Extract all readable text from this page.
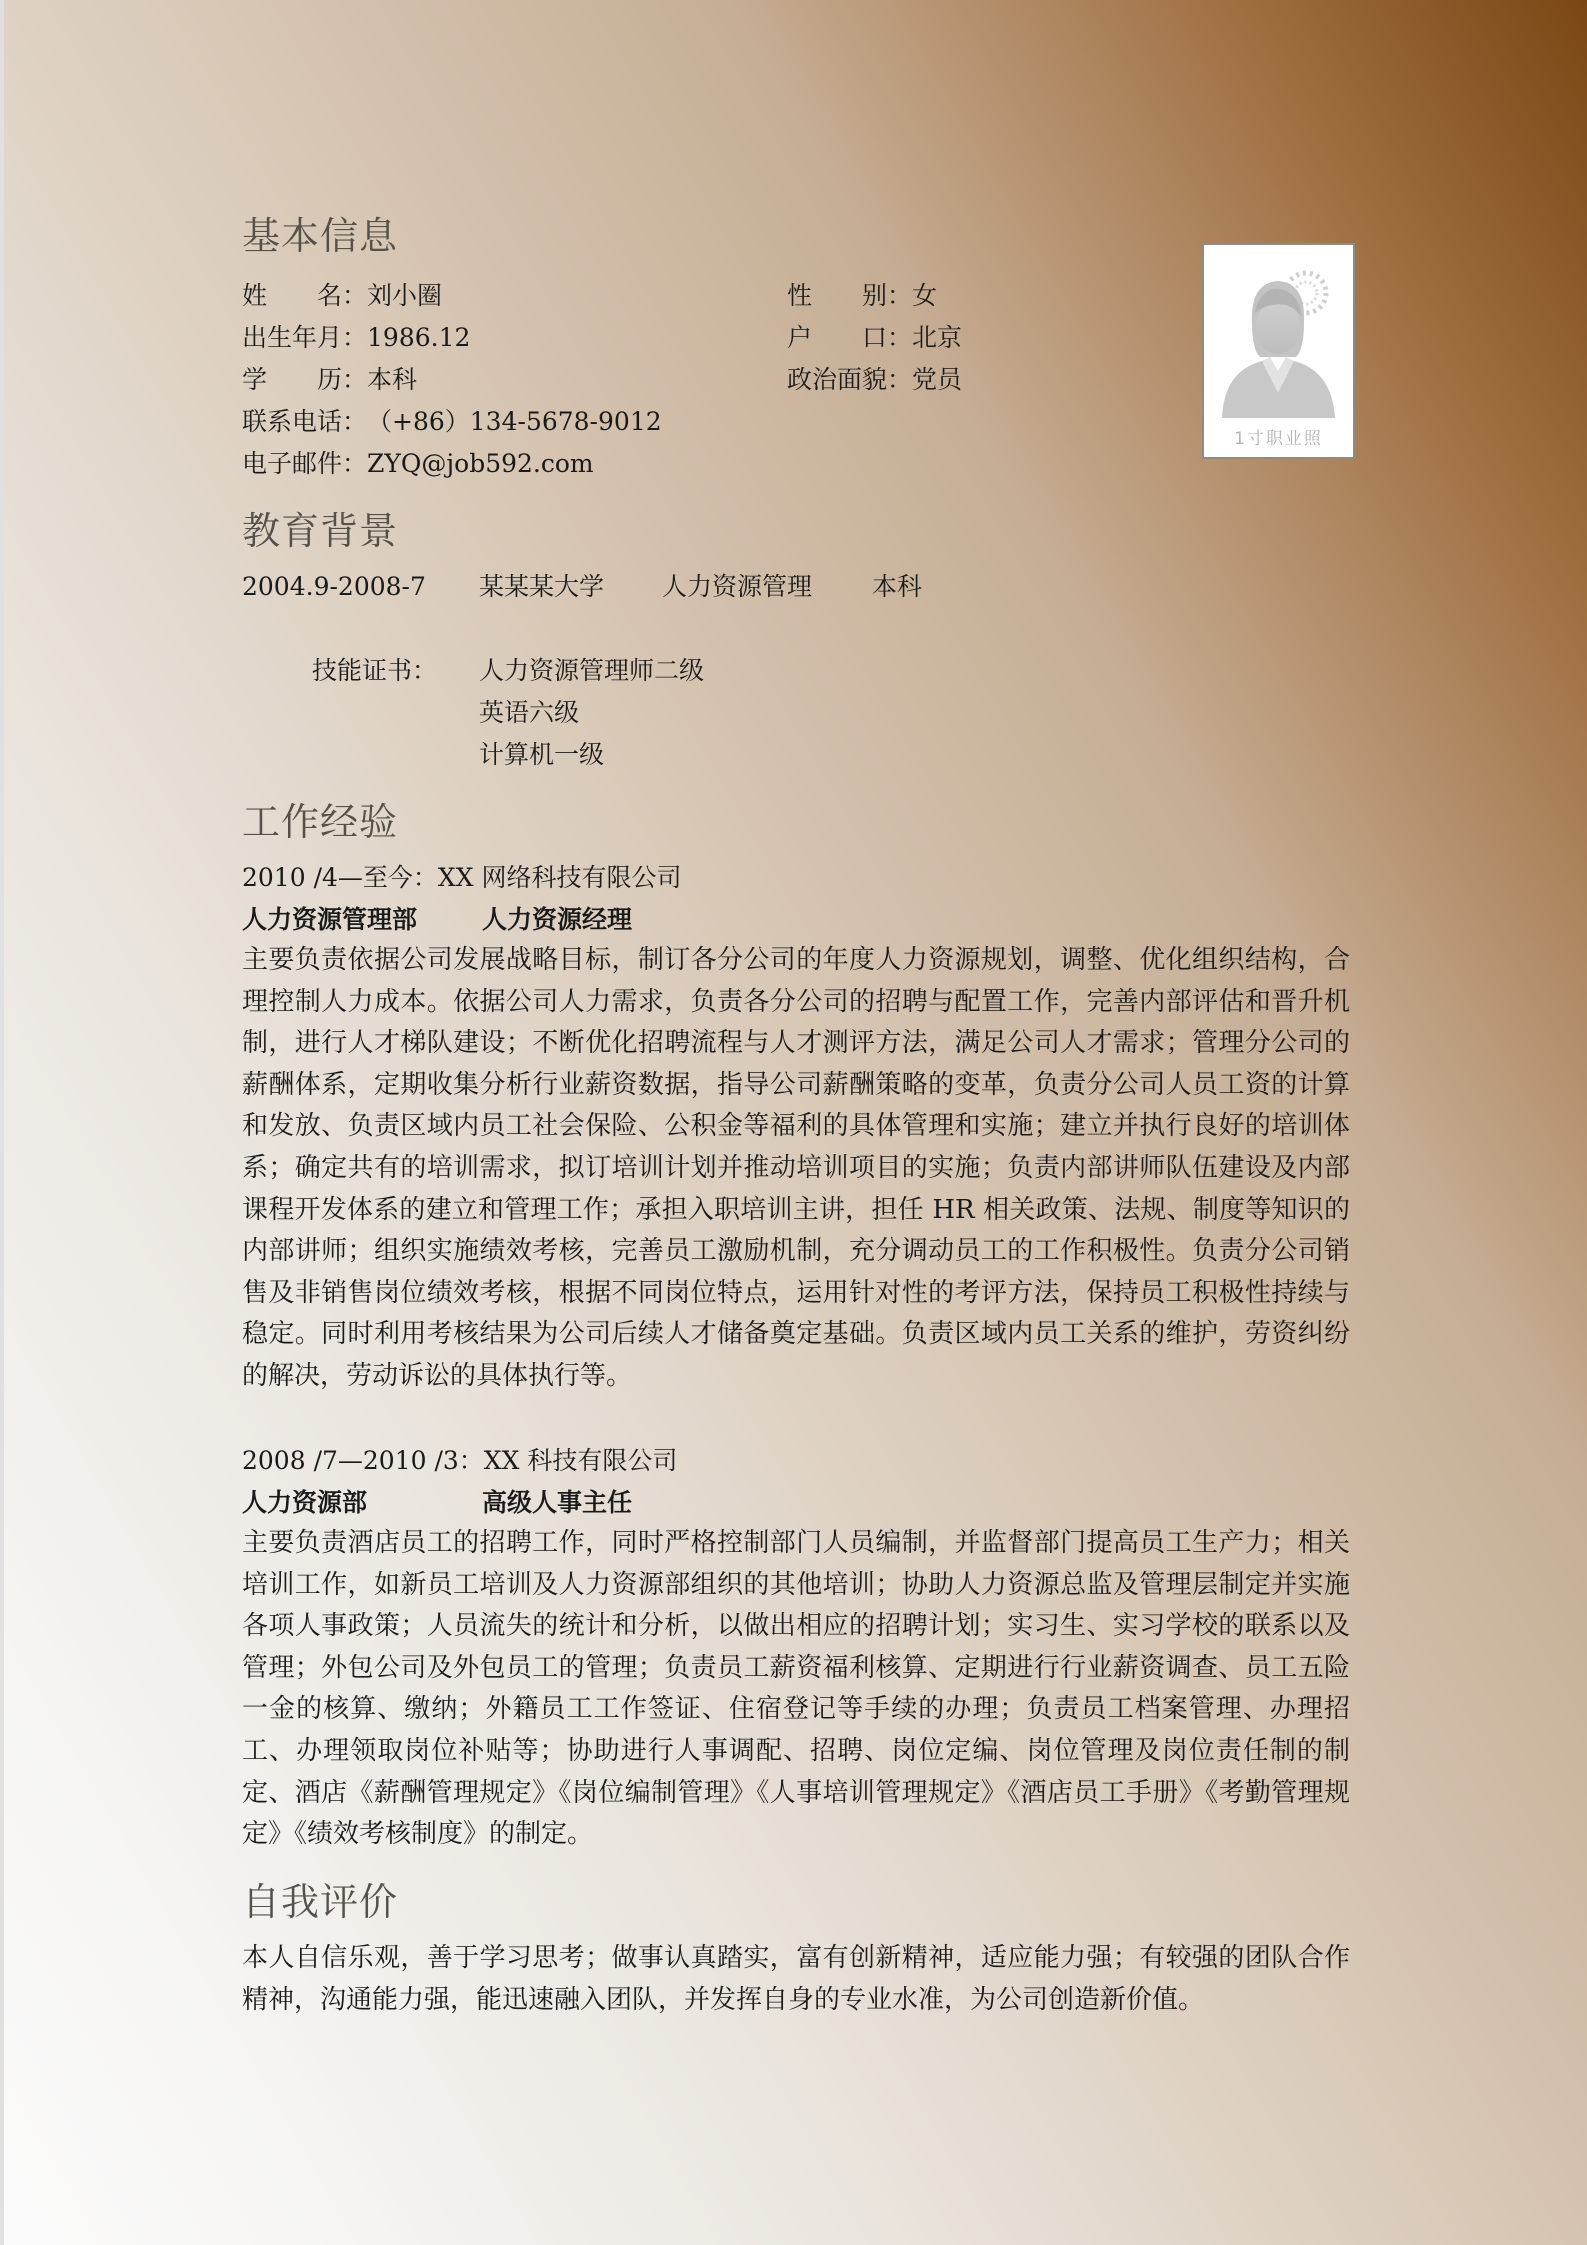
基本信息
姓　　名：刘小圈	性　　别：女
出生年月：1986.12	户　　口：北京
学　　历：本科	政治面貌：党员
联系电话：（+86）134-5678-9012
电子邮件：ZYQ@job592.com
教育背景
2004.9-2008-7 某某某大学 人力资源管理 本科
技能证书： 人力资源管理师二级
英语六级
计算机一级
工作经验
2010 /4—至今：XX 网络科技有限公司
人力资源管理部	人力资源经理
主要负责依据公司发展战略目标，制订各分公司的年度人力资源规划，调整、优化组织结构，合理控制人力成本。依据公司人力需求，负责各分公司的招聘与配置工作，完善内部评估和晋升机制，进行人才梯队建设；不断优化招聘流程与人才测评方法，满足公司人才需求；管理分公司的薪酬体系，定期收集分析行业薪资数据，指导公司薪酬策略的变革，负责分公司人员工资的计算和发放、负责区域内员工社会保险、公积金等福利的具体管理和实施；建立并执行良好的培训体系；确定共有的培训需求，拟订培训计划并推动培训项目的实施；负责内部讲师队伍建设及内部课程开发体系的建立和管理工作；承担入职培训主讲，担任 HR 相关政策、法规、制度等知识的内部讲师；组织实施绩效考核，完善员工激励机制，充分调动员工的工作积极性。负责分公司销售及非销售岗位绩效考核，根据不同岗位特点，运用针对性的考评方法，保持员工积极性持续与稳定。同时利用考核结果为公司后续人才储备奠定基础。负责区域内员工关系的维护，劳资纠纷的解决，劳动诉讼的具体执行等。
2008 /7—2010 /3：XX 科技有限公司
人力资源部	高级人事主任
主要负责酒店员工的招聘工作，同时严格控制部门人员编制，并监督部门提高员工生产力；相关培训工作，如新员工培训及人力资源部组织的其他培训；协助人力资源总监及管理层制定并实施各项人事政策；人员流失的统计和分析，以做出相应的招聘计划；实习生、实习学校的联系以及管理；外包公司及外包员工的管理；负责员工薪资福利核算、定期进行行业薪资调查、员工五险一金的核算、缴纳；外籍员工工作签证、住宿登记等手续的办理；负责员工档案管理、办理招工、办理领取岗位补贴等；协助进行人事调配、招聘、岗位定编、岗位管理及岗位责任制的制定、酒店《薪酬管理规定》《岗位编制管理》《人事培训管理规定》《酒店员工手册》《考勤管理规定》《绩效考核制度》的制定。
自我评价
本人自信乐观，善于学习思考；做事认真踏实，富有创新精神，适应能力强；有较强的团队合作精神，沟通能力强，能迅速融入团队，并发挥自身的专业水准，为公司创造新价值。
1寸职业照
